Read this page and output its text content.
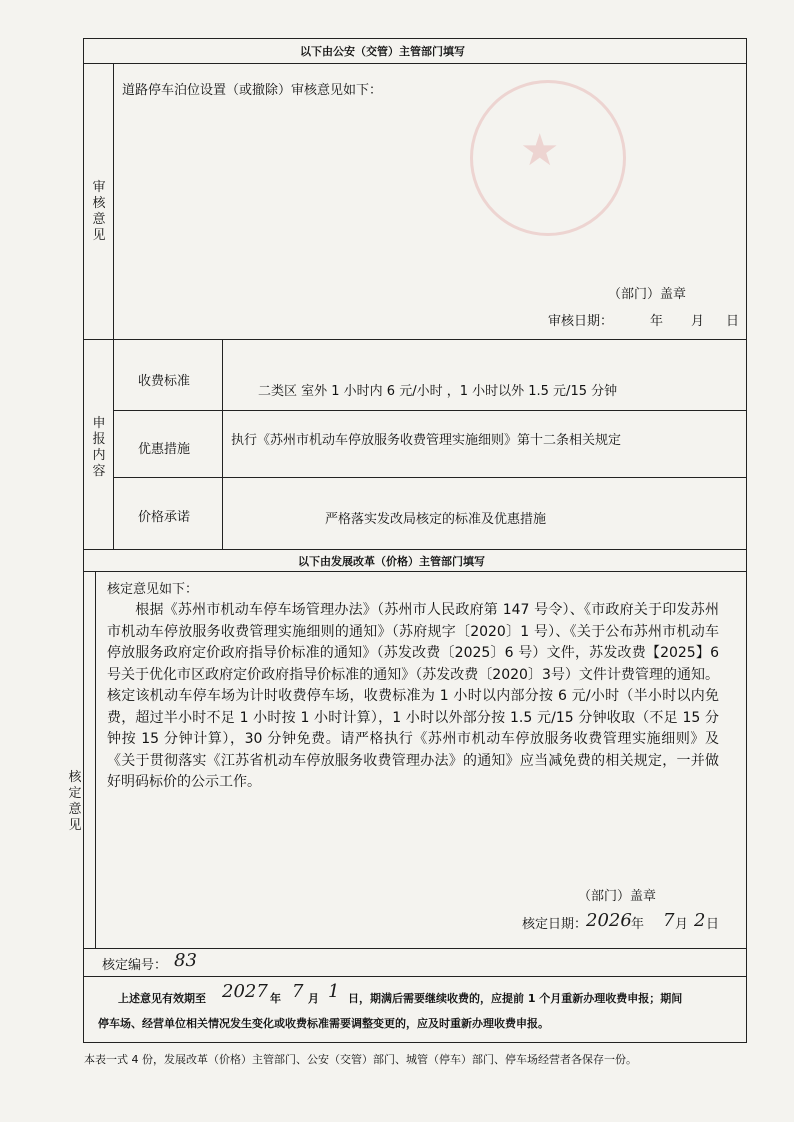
★
以下由公安（交管）主管部门填写
道路停车泊位设置（或撤除）审核意见如下：
审核意见
（部门）盖章
审核日期：	年 月 日
申报内容
收费标准
二类区 室外 1 小时内 6 元/小时 ，1 小时以外 1.5 元/15 分钟
优惠措施
执行《苏州市机动车停放服务收费管理实施细则》第十二条相关规定
价格承诺	严格落实发改局核定的标准及优惠措施
以下由发展改革（价格）主管部门填写
核定意见
核定意见如下：
根据《苏州市机动车停车场管理办法》（苏州市人民政府第 147 号令）、《市政府关于印发苏州市机动车停放服务收费管理实施细则的通知》（苏府规字〔2020〕1 号）、《关于公布苏州市机动车停放服务政府定价政府指导价标准的通知》（苏发改费〔2025〕6 号）文件，苏发改费【2025】6 号关于优化市区政府定价政府指导价标准的通知》（苏发改费〔2020〕3号）文件计费管理的通知。核定该机动车停车场为计时收费停车场，收费标准为 1 小时以内部分按 6 元/小时（半小时以内免费，超过半小时不足 1 小时按 1 小时计算），1 小时以外部分按 1.5 元/15 分钟收取（不足 15 分钟按 15 分钟计算），30 分钟免费。请严格执行《苏州市机动车停放服务收费管理实施细则》及《关于贯彻落实《江苏省机动车停放服务收费管理办法》的通知》应当减免费的相关规定，一并做好明码标价的公示工作。
（部门）盖章
核定日期：
2026 年 7 月 2 日
核定编号： 83
上述意见有效期至 2027 年 7 月 1 日，期满后需要继续收费的，应提前 1 个月重新办理收费申报；期间
停车场、经营单位相关情况发生变化或收费标准需要调整变更的，应及时重新办理收费申报。
本表一式 4 份，发展改革（价格）主管部门、公安（交管）部门、城管（停车）部门、停车场经营者各保存一份。
